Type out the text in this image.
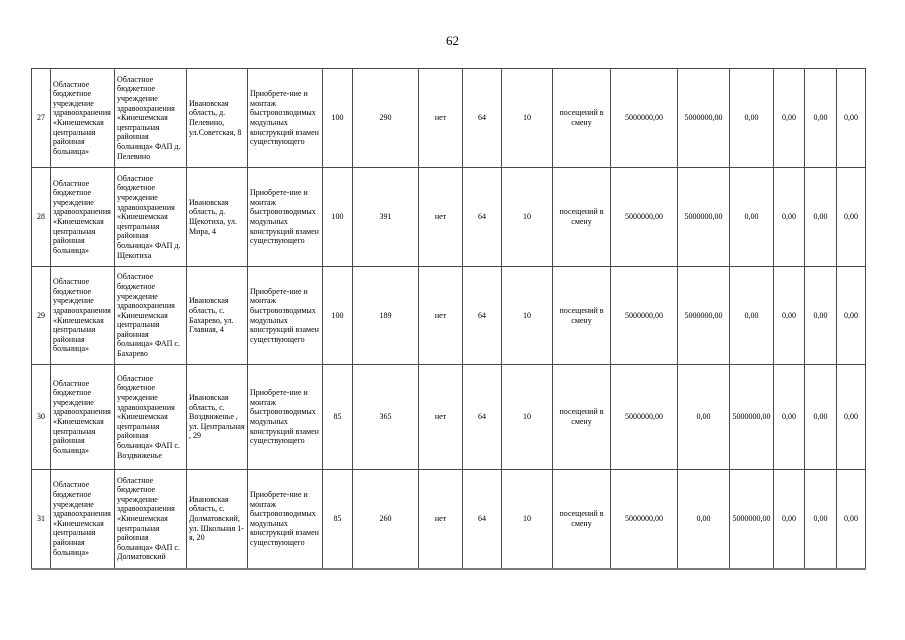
62
27	Областное бюджетное учреждение здравоохранения «Кинешемская центральная районная больница»	Областное бюджетное учреждение здравоохранения «Кинешемская центральная районная больница» ФАП д. Пелевино	Ивановская область, д. Пелевино, ул.Советская, 8	Приобрете-ние и монтаж быстровозводимых модульных конструкций взамен существующего	100	290	нет	64	10	посещений в смену	5000000,00	5000000,00	0,00	0,00	0,00	0,00
28	Областное бюджетное учреждение здравоохранения «Кинешемская центральная районная больница»	Областное бюджетное учреждение здравоохранения «Кинешемская центральная районная больница» ФАП д. Щекотиха	Ивановская область, д. Щекотиха, ул. Мира, 4	Приобрете-ние и монтаж быстровозводимых модульных конструкций взамен существующего	100	391	нет	64	10	посещений в смену	5000000,00	5000000,00	0,00	0,00	0,00	0,00
29	Областное бюджетное учреждение здравоохранения «Кинешемская центральная районная больница»	Областное бюджетное учреждение здравоохранения «Кинешемская центральная районная больница» ФАП с. Бахарево	Ивановская область, с. Бахарево, ул. Главная, 4	Приобрете-ние и монтаж быстровозводимых модульных конструкций взамен существующего	100	189	нет	64	10	посещений в смену	5000000,00	5000000,00	0,00	0,00	0,00	0,00
30	Областное бюджетное учреждение здравоохранения «Кинешемская центральная районная больница»	Областное бюджетное учреждение здравоохранения «Кинешемская центральная районная больница» ФАП с. Воздвиженье	Ивановская область, с. Воздвиженье , ул. Центральная , 29	Приобрете-ние и монтаж быстровозводимых модульных конструкций взамен существующего	85	365	нет	64	10	посещений в смену	5000000,00	0,00	5000000,00	0,00	0,00	0,00
31	Областное бюджетное учреждение здравоохранения «Кинешемская центральная районная больница»	Областное бюджетное учреждение здравоохранения «Кинешемская центральная районная больница» ФАП с. Долматовский	Ивановская область, с. Долматовский, ул. Школьная 1-я, 20	Приобрете-ние и монтаж быстровозводимых модульных конструкций взамен существующего	85	260	нет	64	10	посещений в смену	5000000,00	0,00	5000000,00	0,00	0,00	0,00
